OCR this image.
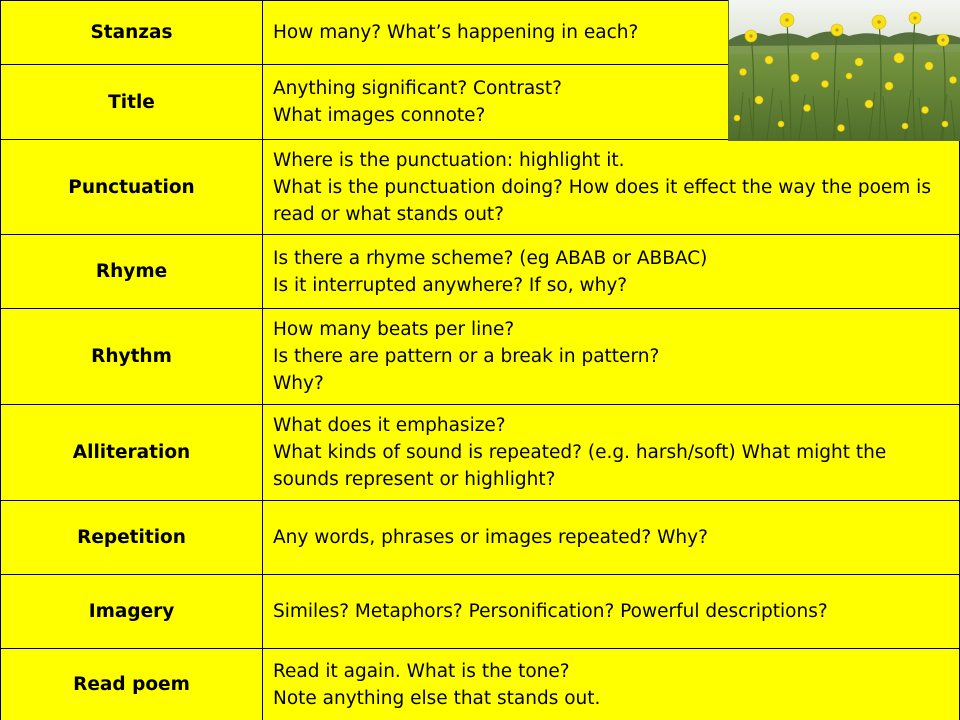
Stanzas	How many? What’s happening in each?

Title	Anything significant? Contrast?
What images connote?

Punctuation	Where is the punctuation: highlight it.
What is the punctuation doing? How does it effect the way the poem is read or what stands out?

Rhyme	Is there a rhyme scheme? (eg ABAB or ABBAC)
Is it interrupted anywhere? If so, why?

Rhythm	How many beats per line?
Is there are pattern or a break in pattern?
Why?

Alliteration	What does it emphasize?
What kinds of sound is repeated? (e.g. harsh/soft) What might the sounds represent or highlight?

Repetition	Any words, phrases or images repeated? Why?

Imagery	Similes? Metaphors? Personification? Powerful descriptions?

Read poem	Read it again. What is the tone?
Note anything else that stands out.
